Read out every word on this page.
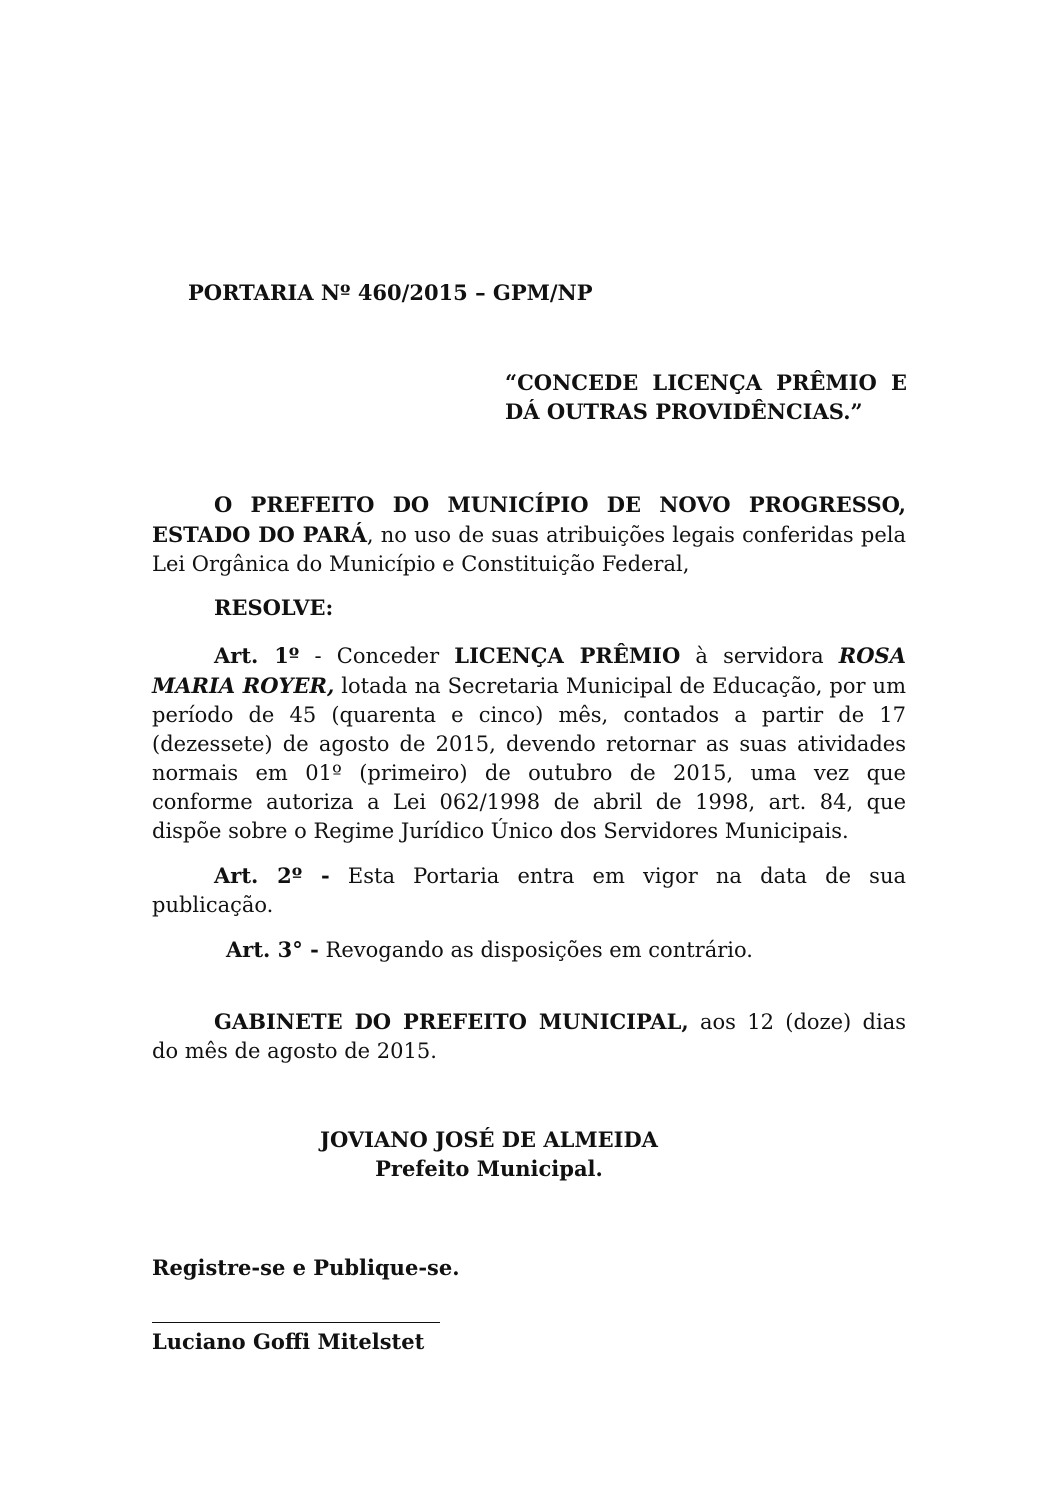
PORTARIA Nº 460/2015 – GPM/NP

“CONCEDE LICENÇA PRÊMIO E
DÁ OUTRAS PROVIDÊNCIAS.”

O PREFEITO DO MUNICÍPIO DE NOVO PROGRESSO, ESTADO DO PARÁ, no uso de suas atribuições legais conferidas pela Lei Orgânica do Município e Constituição Federal,

RESOLVE:

Art. 1º - Conceder LICENÇA PRÊMIO à servidora ROSA MARIA ROYER, lotada na Secretaria Municipal de Educação, por um período de 45 (quarenta e cinco) mês, contados a partir de 17 (dezessete) de agosto de 2015, devendo retornar as suas atividades normais em 01º (primeiro) de outubro de 2015, uma vez que conforme autoriza a Lei 062/1998 de abril de 1998, art. 84, que dispõe sobre o Regime Jurídico Único dos Servidores Municipais.

Art. 2º - Esta Portaria entra em vigor na data de sua publicação.

Art. 3° - Revogando as disposições em contrário.

GABINETE DO PREFEITO MUNICIPAL, aos 12 (doze) dias do mês de agosto de 2015.

JOVIANO JOSÉ DE ALMEIDA
Prefeito Municipal.

Registre-se e Publique-se.

Luciano Goffi Mitelstet
